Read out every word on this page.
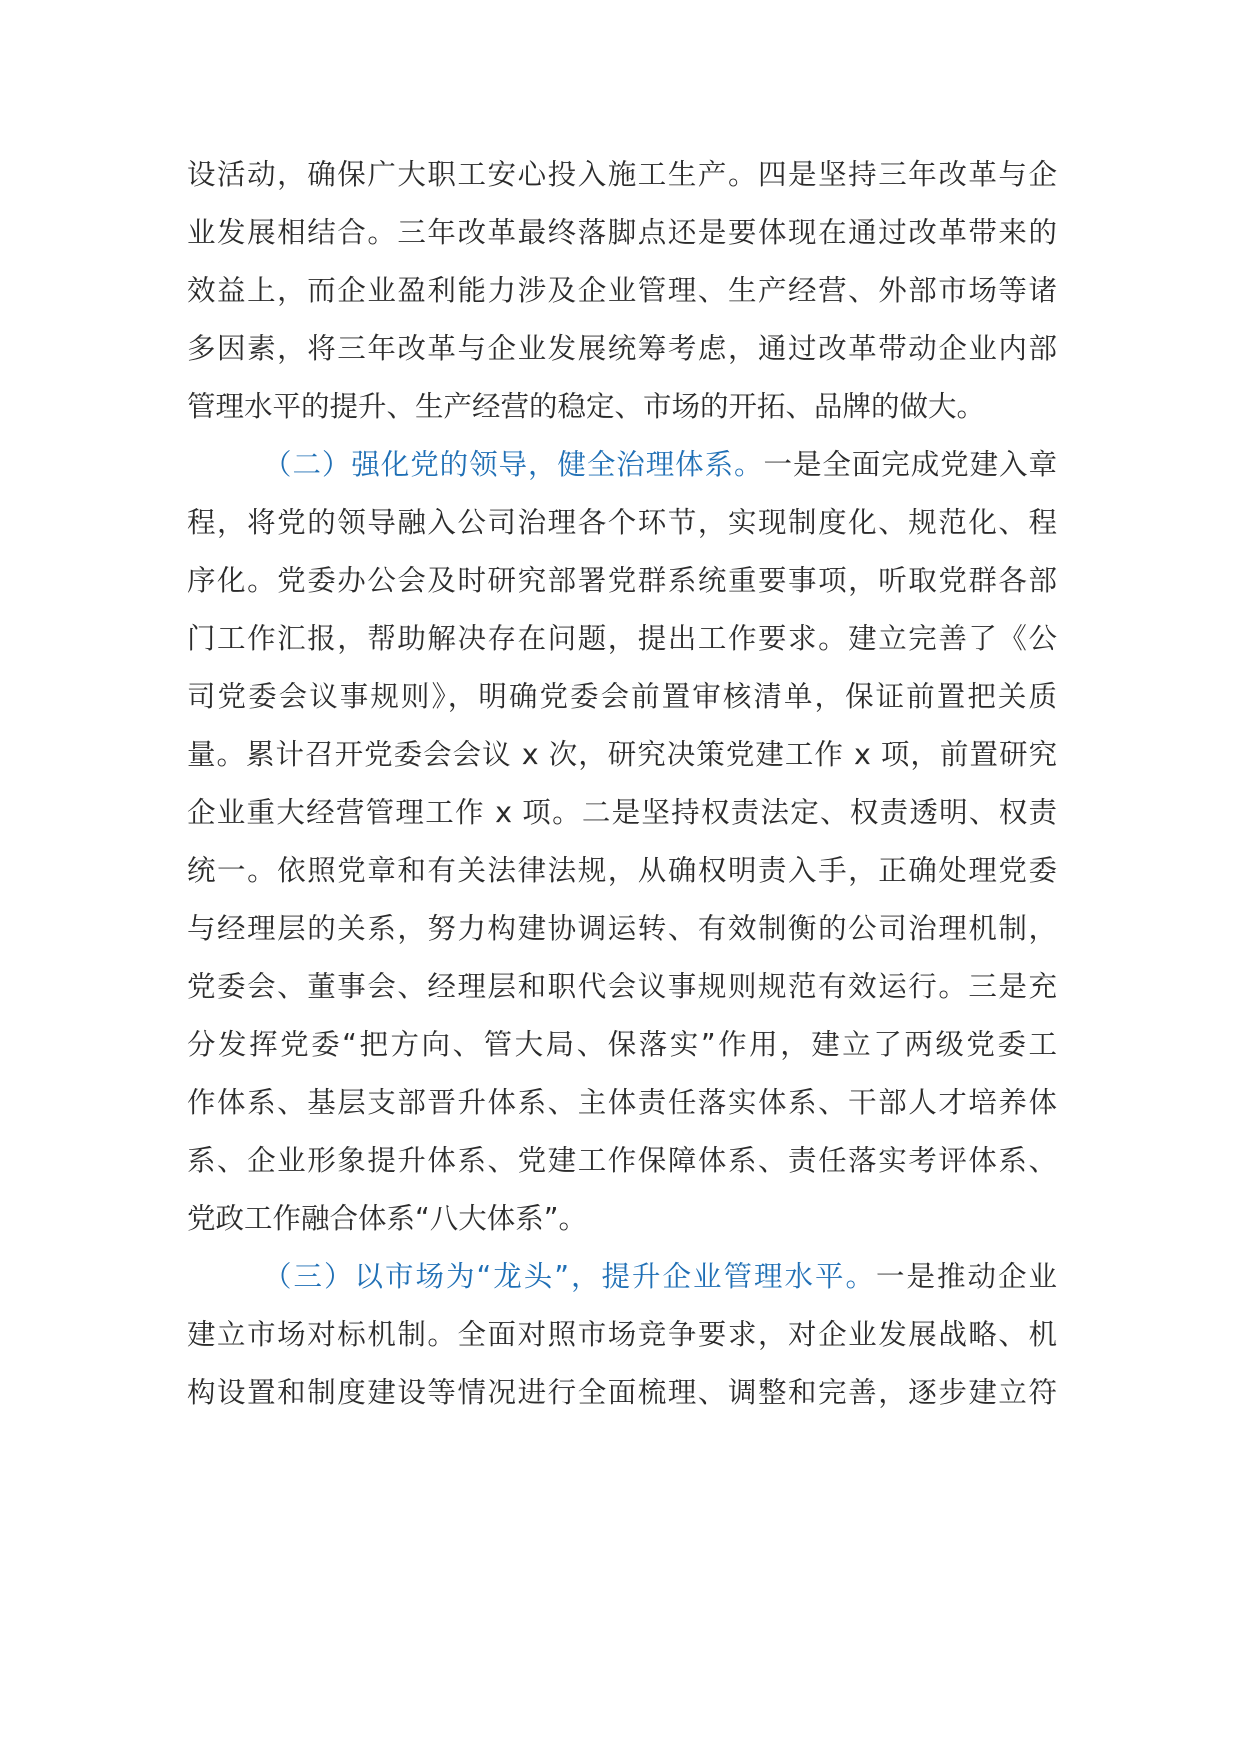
设活动，确保广大职工安心投入施工生产。四是坚持三年改革与企
业发展相结合。三年改革最终落脚点还是要体现在通过改革带来的
效益上，而企业盈利能力涉及企业管理、生产经营、外部市场等诸
多因素，将三年改革与企业发展统筹考虑，通过改革带动企业内部
管理水平的提升、生产经营的稳定、市场的开拓、品牌的做大。
（二）强化党的领导，健全治理体系。一是全面完成党建入章
程，将党的领导融入公司治理各个环节，实现制度化、规范化、程
序化。党委办公会及时研究部署党群系统重要事项，听取党群各部
门工作汇报，帮助解决存在问题，提出工作要求。建立完善了《公
司党委会议事规则》，明确党委会前置审核清单，保证前置把关质
量。累计召开党委会会议 x 次，研究决策党建工作 x 项，前置研究
企业重大经营管理工作 x 项。二是坚持权责法定、权责透明、权责
统一。依照党章和有关法律法规，从确权明责入手，正确处理党委
与经理层的关系，努力构建协调运转、有效制衡的公司治理机制，
党委会、董事会、经理层和职代会议事规则规范有效运行。三是充
分发挥党委“把方向、管大局、保落实”作用，建立了两级党委工
作体系、基层支部晋升体系、主体责任落实体系、干部人才培养体
系、企业形象提升体系、党建工作保障体系、责任落实考评体系、
党政工作融合体系“八大体系”。
（三）以市场为“龙头”，提升企业管理水平。一是推动企业
建立市场对标机制。全面对照市场竞争要求，对企业发展战略、机
构设置和制度建设等情况进行全面梳理、调整和完善，逐步建立符
